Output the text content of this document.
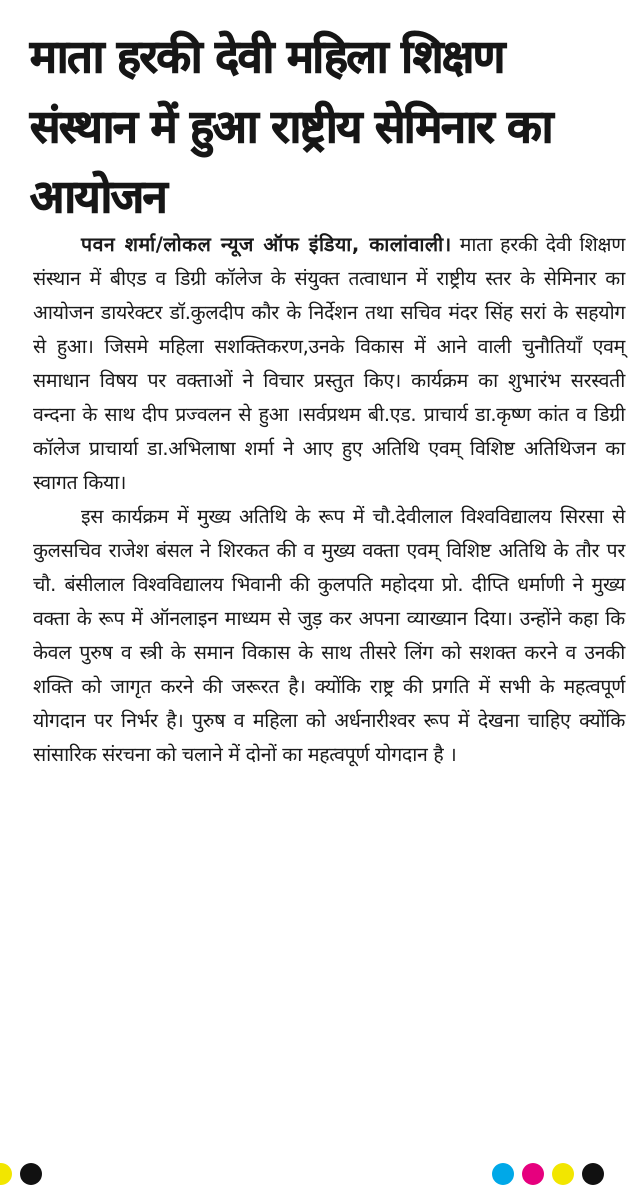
माता हरकी देवी महिला शिक्षण संस्थान में हुआ राष्ट्रीय सेमिनार का आयोजन

पवन शर्मा/लोकल न्यूज ऑफ इंडिया, कालांवाली। माता हरकी देवी शिक्षण संस्थान में बीएड व डिग्री कॉलेज के संयुक्त तत्वाधान में राष्ट्रीय स्तर के सेमिनार का आयोजन डायरेक्टर डॉ.कुलदीप कौर के निर्देशन तथा सचिव मंदर सिंह सरां के सहयोग से हुआ। जिसमे महिला सशक्तिकरण,उनके विकास में आने वाली चुनौतियाँ एवम् समाधान विषय पर वक्ताओं ने विचार प्रस्तुत किए। कार्यक्रम का शुभारंभ सरस्वती वन्दना के साथ दीप प्रज्वलन से हुआ ।सर्वप्रथम बी.एड. प्राचार्य डा.कृष्ण कांत व डिग्री कॉलेज प्राचार्या डा.अभिलाषा शर्मा ने आए हुए अतिथि एवम् विशिष्ट अतिथिजन का स्वागत किया।

इस कार्यक्रम में मुख्य अतिथि के रूप में चौ.देवीलाल विश्वविद्यालय सिरसा से कुलसचिव राजेश बंसल ने शिरकत की व मुख्य वक्ता एवम् विशिष्ट अतिथि के तौर पर चौ. बंसीलाल विश्वविद्यालय भिवानी की कुलपति महोदया प्रो. दीप्ति धर्माणी ने मुख्य वक्ता के रूप में ऑनलाइन माध्यम से जुड़ कर अपना व्याख्यान दिया। उन्होंने कहा कि केवल पुरुष व स्त्री के समान विकास के साथ तीसरे लिंग को सशक्त करने व उनकी शक्ति को जागृत करने की जरूरत है। क्योंकि राष्ट्र की प्रगति में सभी के महत्वपूर्ण योगदान पर निर्भर है। पुरुष व महिला को अर्धनारीश्वर रूप में देखना चाहिए क्योंकि सांसारिक संरचना को चलाने में दोनों का महत्वपूर्ण योगदान है ।
